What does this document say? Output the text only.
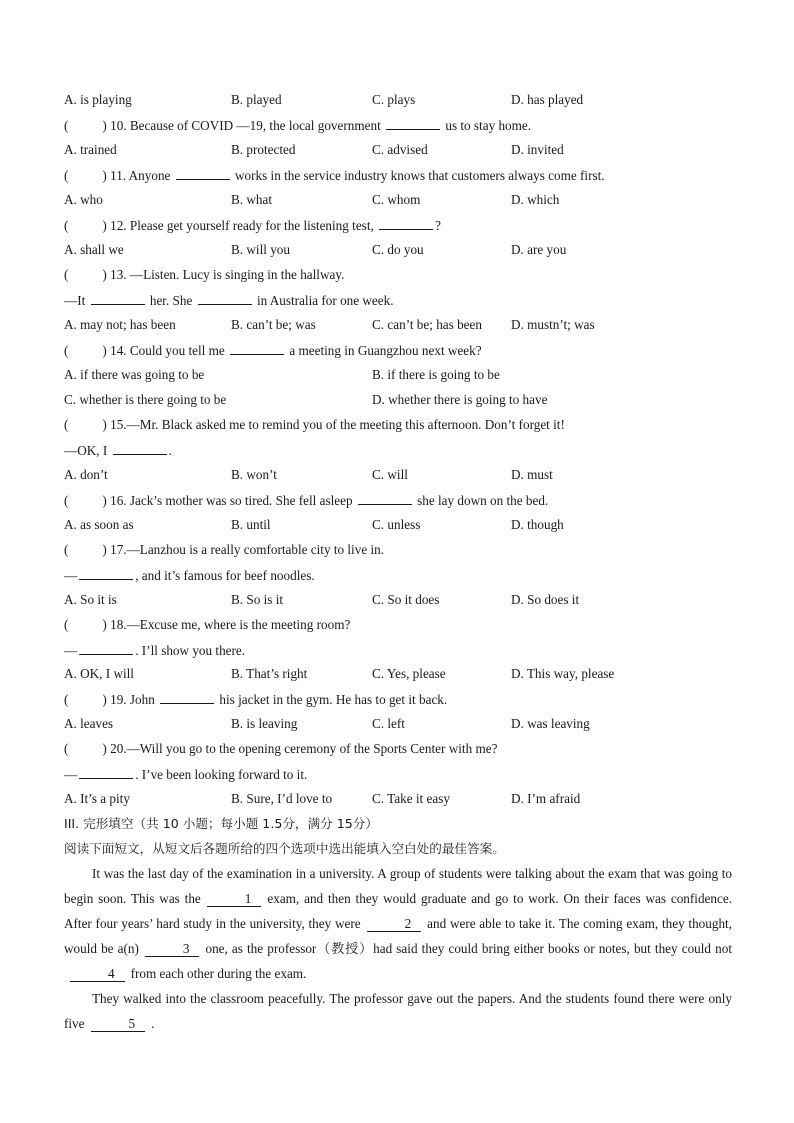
A. is playing	B. played	C. plays	D. has played
(	) 10. Because of COVID —19, the local government	us to stay home.
A. trained	B. protected	C. advised	D. invited
(	) 11. Anyone	works in the service industry knows that customers always come first.
A. who	B. what	C. whom	D. which
(	) 12. Please get yourself ready for the listening test,	?
A. shall we	B. will you	C. do you	D. are you
(	) 13. —Listen. Lucy is singing in the hallway.
—It	her. She	in Australia for one week.
A. may not; has been	B. can’t be; was	C. can’t be; has been D. mustn’t; was
(	) 14. Could you tell me	a meeting in Guangzhou next week?
A. if there was going to be	B. if there is going to be
C. whether is there going to be	D. whether there is going to have
(	) 15.—Mr. Black asked me to remind you of the meeting this afternoon. Don’t forget it!
—OK, I	.
A. don’t	B. won’t	C. will	D. must
(	) 16. Jack’s mother was so tired. She fell asleep	she lay down on the bed.
A. as soon as	B. until	C. unless	D. though
(	) 17.—Lanzhou is a really comfortable city to live in.
—	, and it’s famous for beef noodles.
A. So it is	B. So is it	C. So it does	D. So does it
(	) 18.—Excuse me, where is the meeting room?
—	. I’ll show you there.
A. OK, I will	B. That’s right	C. Yes, please	D. This way, please
(	) 19. John	his jacket in the gym. He has to get it back.
A. leaves	B. is leaving	C. left	D. was leaving
(	) 20.—Will you go to the opening ceremony of the Sports Center with me?
—	. I’ve been looking forward to it.
A. It’s a pity	B. Sure, I’d love to	C. Take it easy	D. I’m afraid
III. 完形填空（共 10 小题；每小题 1.5分，满分 15分）
阅读下面短文，从短文后各题所给的四个选项中选出能填入空白处的最佳答案。

It was the last day of the examination in a university. A group of students were talking about the exam that was going to begin soon. This was the	1 exam, and then they would graduate and go to work. On their faces was confidence. After four years’ hard study in the university, they were	2 and were able to take it. The coming exam, they thought, would be a(n)	3 one, as the professor（教授）had said they could bring either books or notes, but they could not4 from each other during the exam.

They walked into the classroom peacefully. The professor gave out the papers. And the students found there were only five	5 .
